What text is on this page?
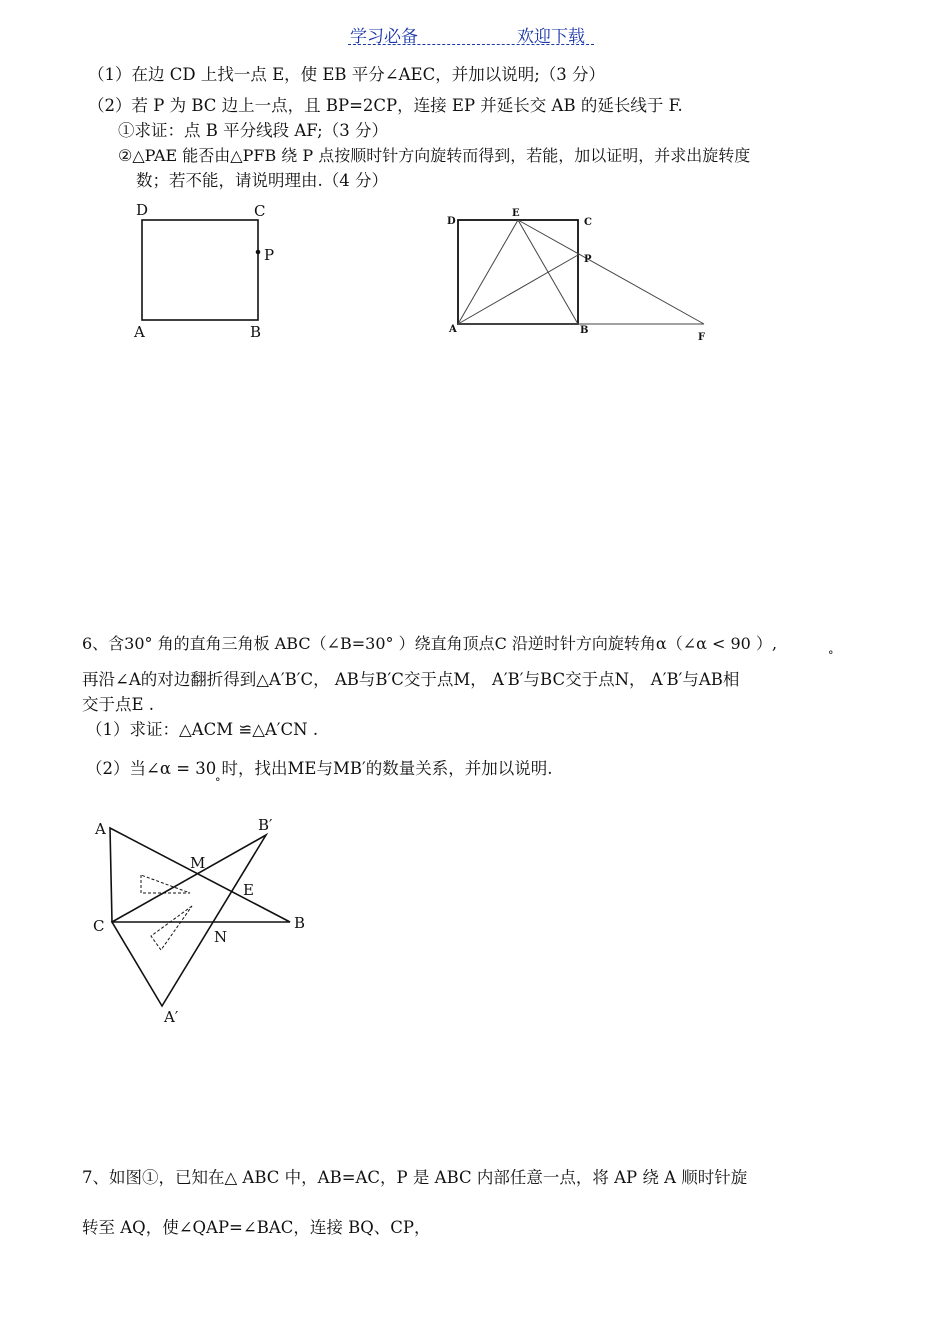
学习必备	欢迎下载
（1）在边 CD 上找一点 E，使 EB 平分∠AEC，并加以说明;（3 分）
（2）若 P 为 BC 边上一点，且 BP=2CP，连接 EP 并延长交 AB 的延长线于 F.
①求证：点 B 平分线段 AF;（3 分）
②△PAE 能否由△PFB 绕 P 点按顺时针方向旋转而得到，若能，加以证明，并求出旋转度
数；若不能，请说明理由.（4 分）
6、含30° 角的直角三角板 ABC（∠B=30° ）绕直角顶点C 沿逆时针方向旋转角α（∠α < 90 ）,
再沿∠A的对边翻折得到△A′B′C， AB与B′C交于点M， A′B′与BC交于点N， A′B′与AB相
交于点E .
（1）求证：△ACM ≌△A′CN .
（2）当∠α = 30 时，找出ME与MB′的数量关系，并加以说明.
°
°
7、如图①，已知在△ ABC 中，AB=AC，P 是 ABC 内部任意一点，将 AP 绕 A 顺时针旋
转至 AQ，使∠QAP=∠BAC，连接 BQ、CP，
D	C
P
A	B
D
E
C
P
A	B
F
A	B′
M
E
C
N
B
A′
